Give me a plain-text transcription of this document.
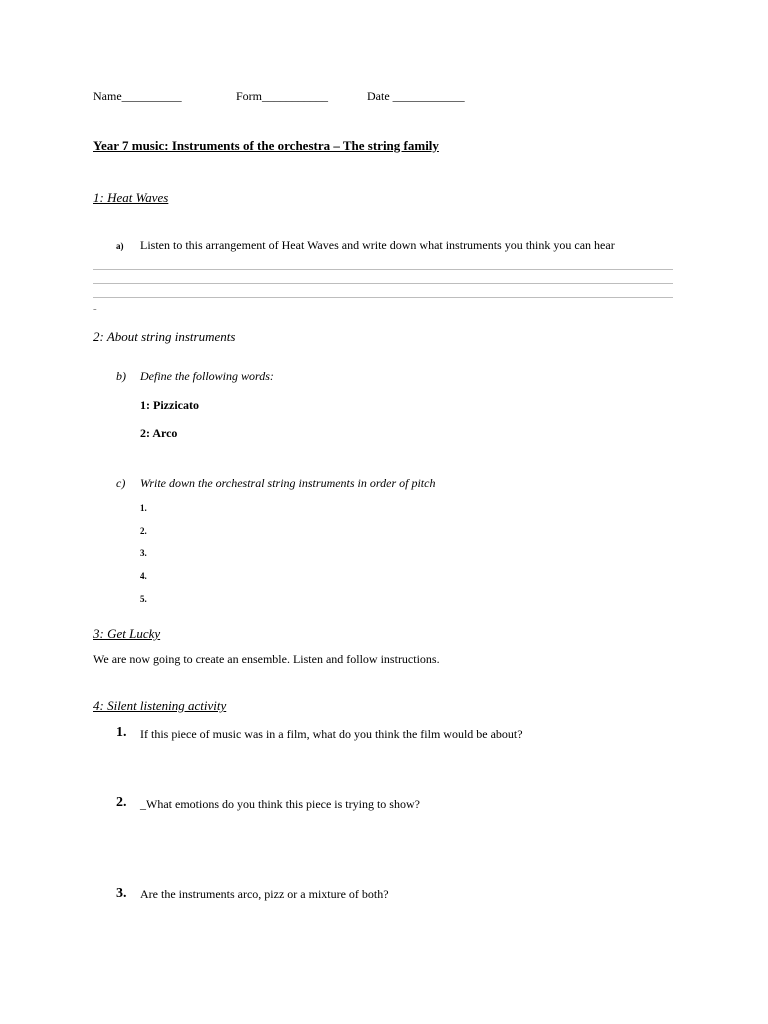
Name__________	Form___________	Date ____________
Year 7 music: Instruments of the orchestra – The string family
1: Heat Waves
a) Listen to this arrangement of Heat Waves and write down what instruments you think you can hear
-
2: About string instruments
b) Define the following words:
1: Pizzicato
2: Arco
c) Write down the orchestral string instruments in order of pitch
1.
2.
3.
4.
5.
3: Get Lucky
We are now going to create an ensemble. Listen and follow instructions.
4: Silent listening activity
1. If this piece of music was in a film, what do you think the film would be about?
2. _What emotions do you think this piece is trying to show?
3. Are the instruments arco, pizz or a mixture of both?
